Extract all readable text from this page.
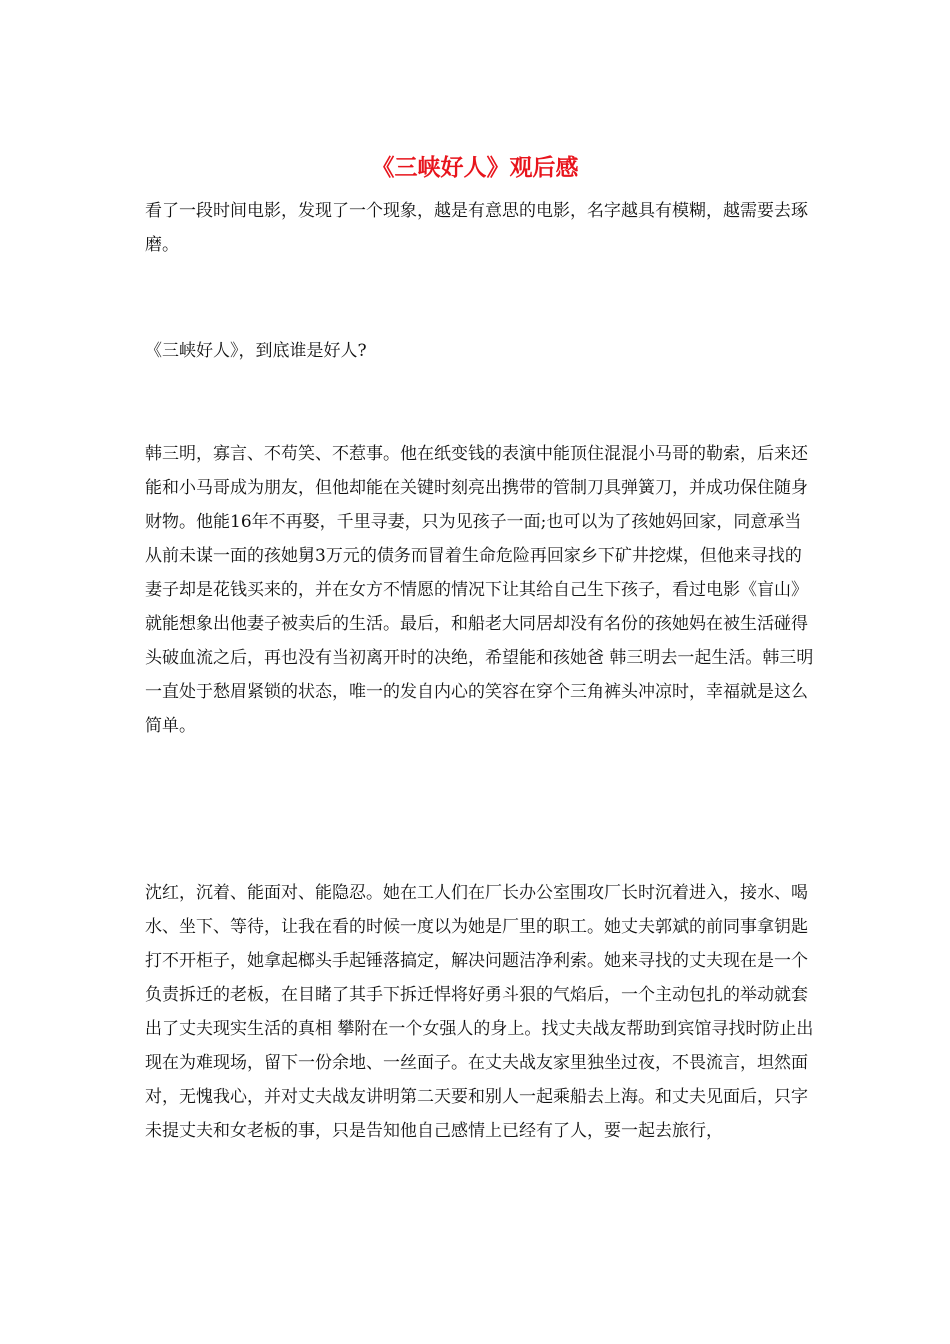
《三峡好人》观后感

看了一段时间电影，发现了一个现象，越是有意思的电影，名字越具有模糊，越需要去琢磨。

《三峡好人》，到底谁是好人?

韩三明，寡言、不苟笑、不惹事。他在纸变钱的表演中能顶住混混小马哥的勒索，后来还能和小马哥成为朋友，但他却能在关键时刻亮出携带的管制刀具弹簧刀，并成功保住随身财物。他能16年不再娶，千里寻妻，只为见孩子一面;也可以为了孩她妈回家，同意承当从前未谋一面的孩她舅3万元的债务而冒着生命危险再回家乡下矿井挖煤，但他来寻找的妻子却是花钱买来的，并在女方不情愿的情况下让其给自己生下孩子，看过电影《盲山》就能想象出他妻子被卖后的生活。最后，和船老大同居却没有名份的孩她妈在被生活碰得头破血流之后，再也没有当初离开时的决绝，希望能和孩她爸 韩三明去一起生活。韩三明一直处于愁眉紧锁的状态，唯一的发自内心的笑容在穿个三角裤头冲凉时，幸福就是这么简单。

沈红，沉着、能面对、能隐忍。她在工人们在厂长办公室围攻厂长时沉着进入，接水、喝水、坐下、等待，让我在看的时候一度以为她是厂里的职工。她丈夫郭斌的前同事拿钥匙打不开柜子，她拿起榔头手起锤落搞定，解决问题洁净利索。她来寻找的丈夫现在是一个负责拆迁的老板，在目睹了其手下拆迁悍将好勇斗狠的气焰后，一个主动包扎的举动就套出了丈夫现实生活的真相 攀附在一个女强人的身上。找丈夫战友帮助到宾馆寻找时防止出现在为难现场，留下一份余地、一丝面子。在丈夫战友家里独坐过夜，不畏流言，坦然面对，无愧我心，并对丈夫战友讲明第二天要和别人一起乘船去上海。和丈夫见面后，只字未提丈夫和女老板的事，只是告知他自己感情上已经有了人，要一起去旅行，
